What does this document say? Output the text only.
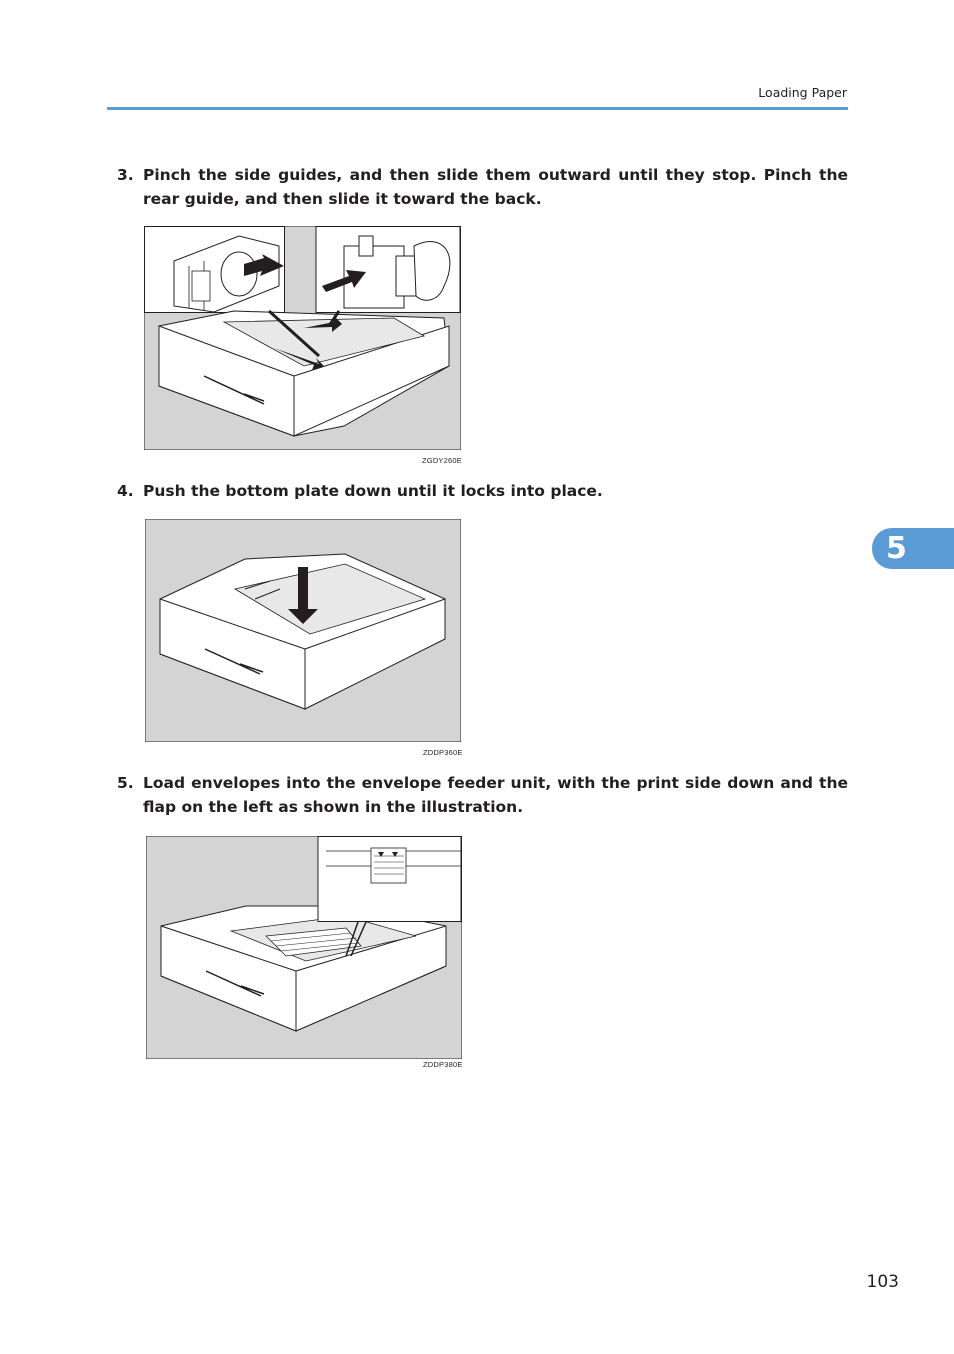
Loading Paper
3. Pinch the side guides, and then slide them outward until they stop. Pinch the rear guide, and then slide it toward the back.
ZGDY260E
4. Push the bottom plate down until it locks into place.
ZDDP360E
5. Load envelopes into the envelope feeder unit, with the print side down and the flap on the left as shown in the illustration.
ZDDP380E
5
103
